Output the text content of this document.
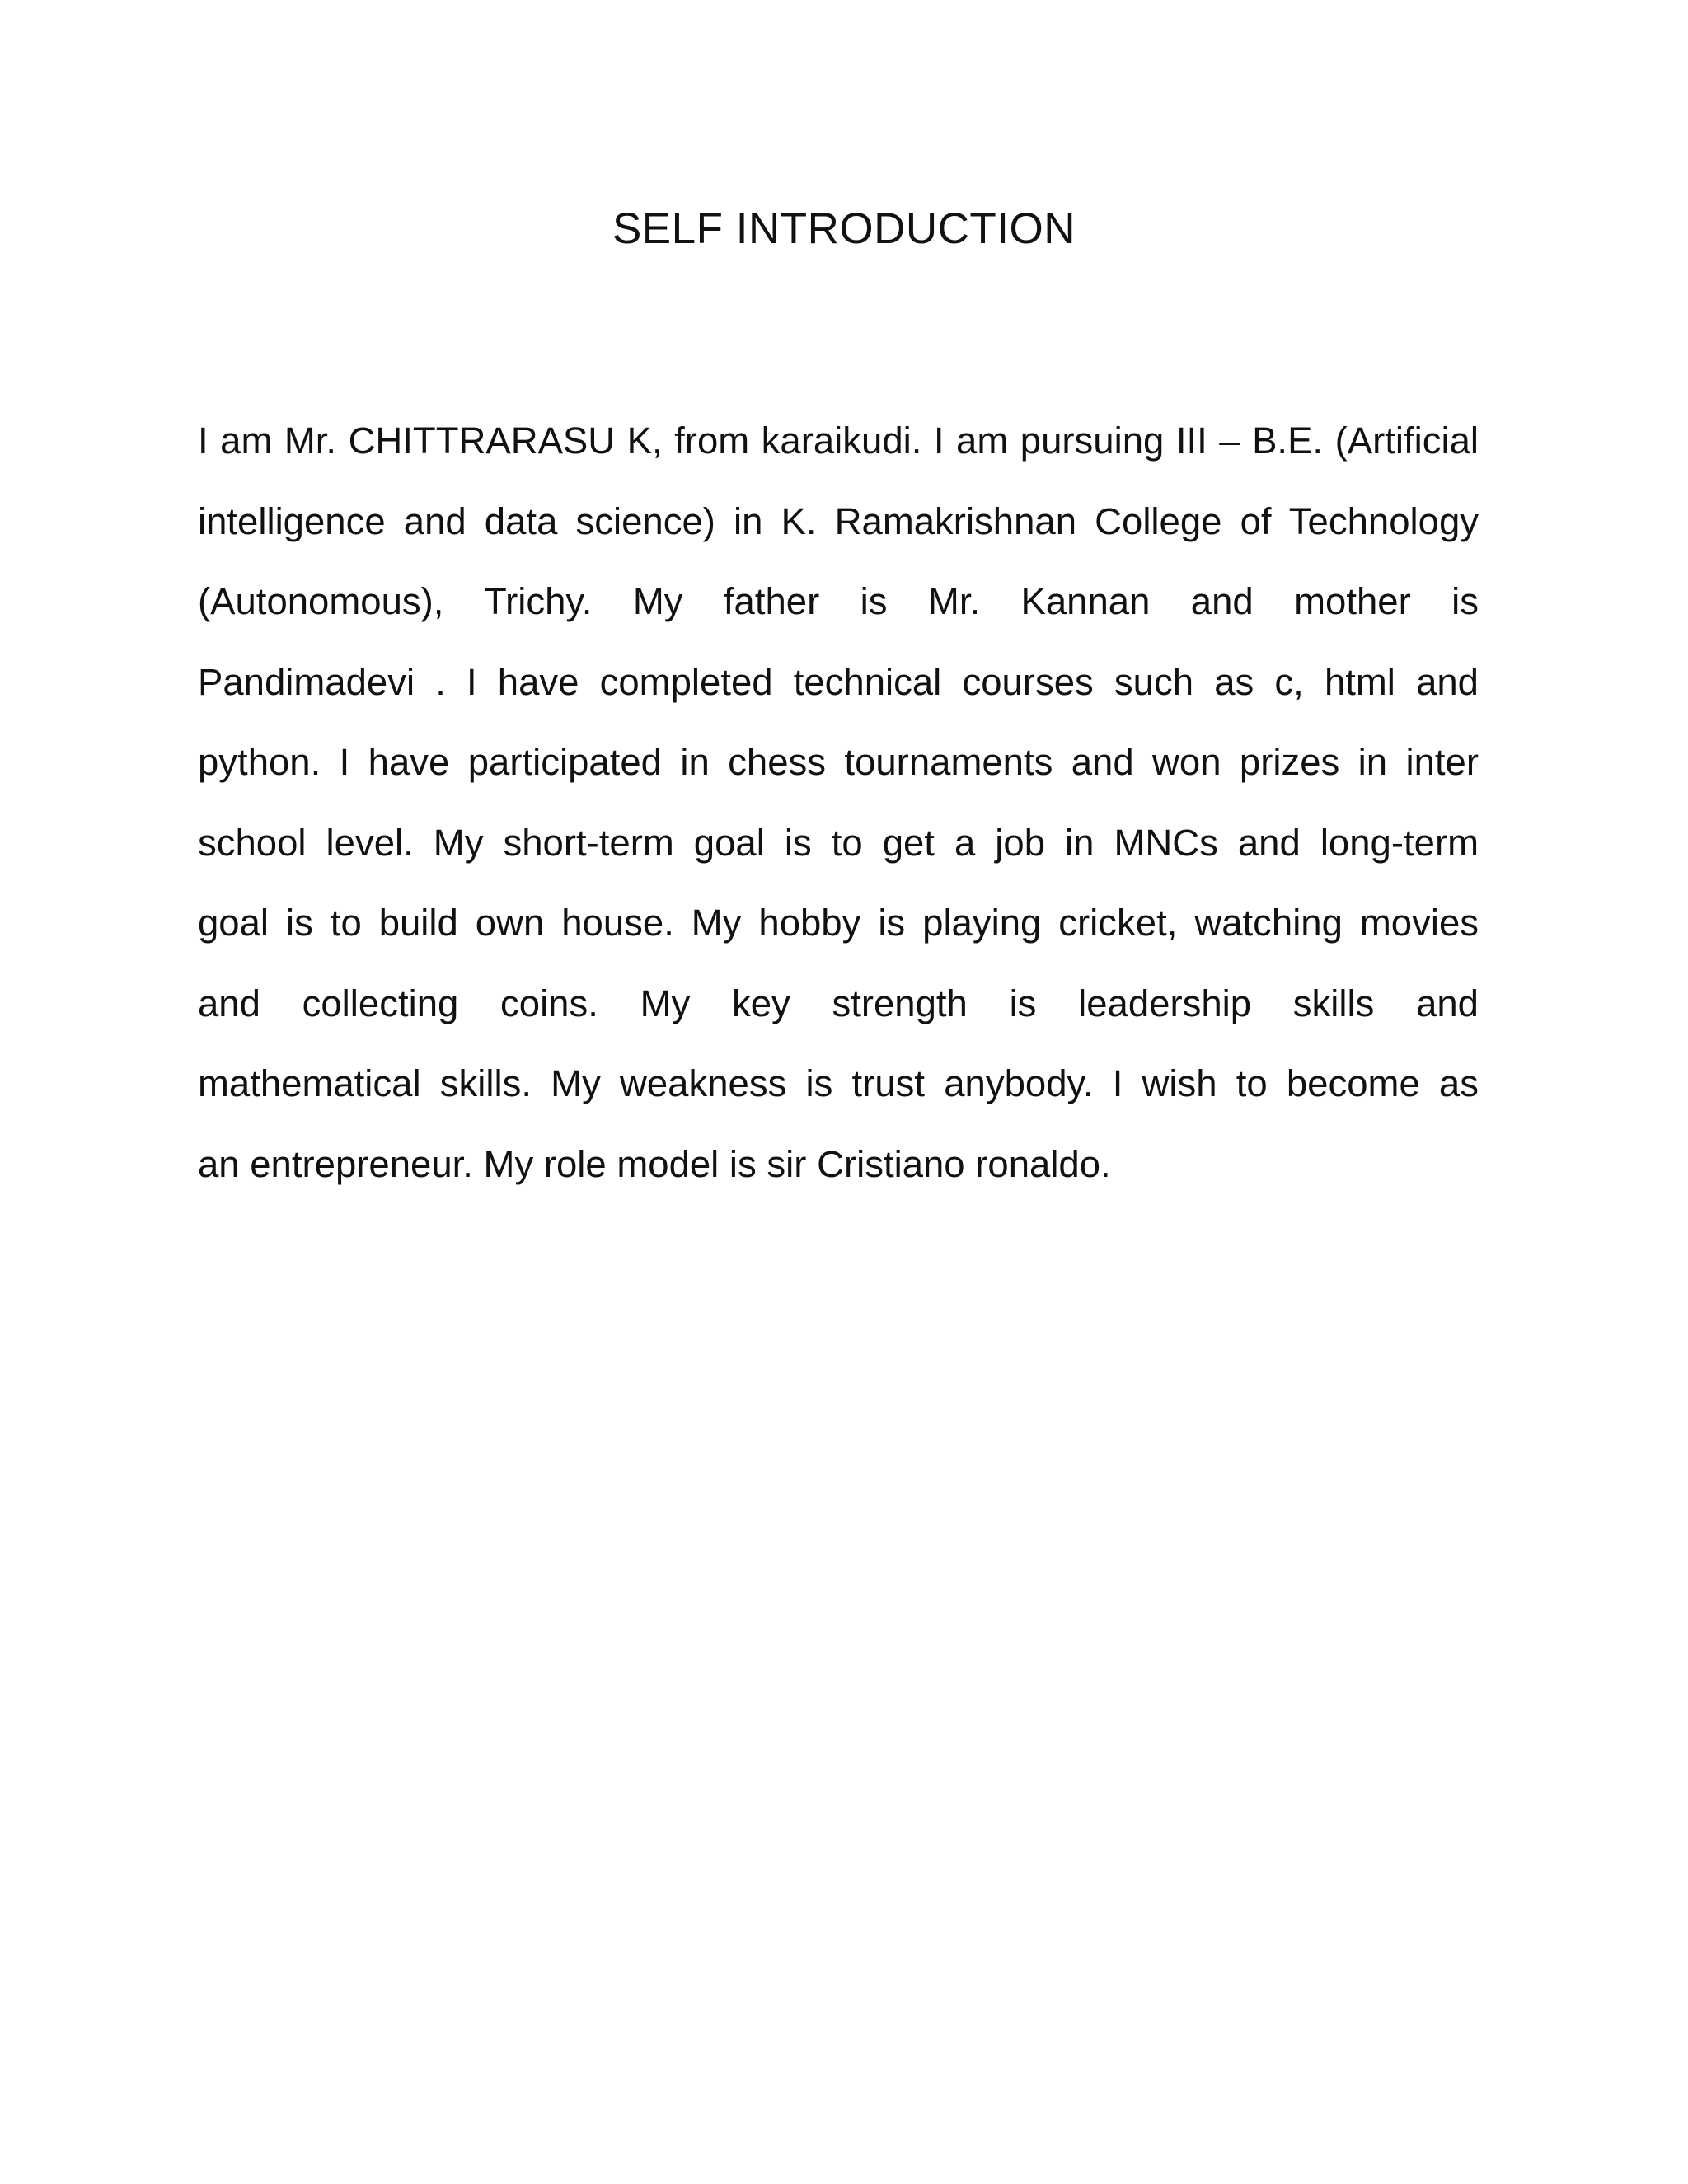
SELF INTRODUCTION
I am Mr. CHITTRARASU K, from karaikudi. I am pursuing III – B.E. (Artificial
intelligence and data science) in K. Ramakrishnan College of Technology
(Autonomous), Trichy. My father is Mr. Kannan and mother is
Pandimadevi . I have completed technical courses such as c, html and
python. I have participated in chess tournaments and won prizes in inter
school level. My short-term goal is to get a job in MNCs and long-term
goal is to build own house. My hobby is playing cricket, watching movies
and collecting coins. My key strength is leadership skills and
mathematical skills. My weakness is trust anybody. I wish to become as
an entrepreneur. My role model is sir Cristiano ronaldo.
